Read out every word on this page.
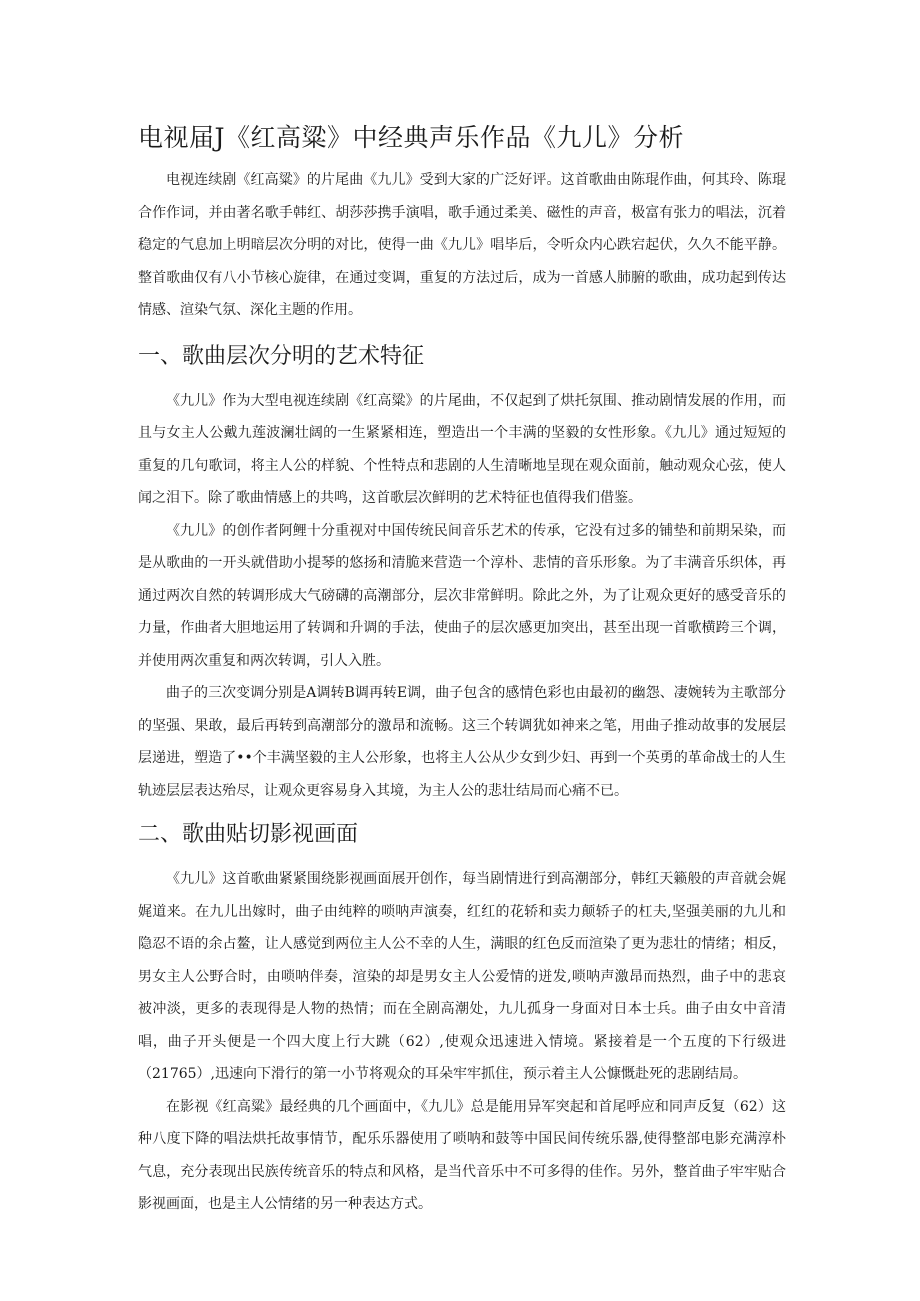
电视届J《红高粱》中经典声乐作品《九儿》分析

电视连续剧《红高粱》的片尾曲《九儿》受到大家的广泛好评。这首歌曲由陈琨作曲，何其玲、陈琨合作作词，并由著名歌手韩红、胡莎莎携手演唱，歌手通过柔美、磁性的声音，极富有张力的唱法，沉着稳定的气息加上明暗层次分明的对比，使得一曲《九儿》唱毕后，令听众内心跌宕起伏，久久不能平静。整首歌曲仅有八小节核心旋律，在通过变调，重复的方法过后，成为一首感人肺腑的歌曲，成功起到传达情感、渲染气氛、深化主题的作用。

一、歌曲层次分明的艺术特征

《九儿》作为大型电视连续剧《红高粱》的片尾曲，不仅起到了烘托氛围、推动剧情发展的作用，而且与女主人公戴九莲波澜壮阔的一生紧紧相连，塑造出一个丰满的坚毅的女性形象。《九儿》通过短短的重复的几句歌词，将主人公的样貌、个性特点和悲剧的人生清晰地呈现在观众面前，触动观众心弦，使人闻之泪下。除了歌曲情感上的共鸣，这首歌层次鲜明的艺术特征也值得我们借鉴。

《九儿》的创作者阿鲤十分重视对中国传统民间音乐艺术的传承，它没有过多的铺垫和前期呆染，而是从歌曲的一开头就借助小提琴的悠扬和清脆来营造一个淳朴、悲情的音乐形象。为了丰满音乐织体，再通过两次自然的转调形成大气磅礴的高潮部分，层次非常鲜明。除此之外，为了让观众更好的感受音乐的力量，作曲者大胆地运用了转调和升调的手法，使曲子的层次感更加突出，甚至出现一首歌横跨三个调，并使用两次重复和两次转调，引人入胜。

曲子的三次变调分别是A调转B调再转E调，曲子包含的感情色彩也由最初的幽怨、凄婉转为主歌部分的坚强、果敢，最后再转到高潮部分的激昂和流畅。这三个转调犹如神来之笔，用曲子推动故事的发展层层递进，塑造了••个丰满坚毅的主人公形象，也将主人公从少女到少妇、再到一个英勇的革命战士的人生轨迹层层表达殆尽，让观众更容易身入其境，为主人公的悲壮结局而心痛不已。

二、歌曲贴切影视画面

《九儿》这首歌曲紧紧围绕影视画面展开创作，每当剧情进行到高潮部分，韩红天籁般的声音就会娓娓道来。在九儿出嫁时，曲子由纯粹的唢呐声演奏，红红的花轿和卖力颠轿子的杠夫,坚强美丽的九儿和隐忍不语的余占鳌，让人感觉到两位主人公不幸的人生，满眼的红色反而渲染了更为悲壮的情绪；相反，男女主人公野合时，由唢呐伴奏，渲染的却是男女主人公爱情的迸发,唢呐声激昂而热烈，曲子中的悲哀被冲淡，更多的表现得是人物的热情；而在全剧高潮处，九儿孤身一身面对日本士兵。曲子由女中音清唱，曲子开头便是一个四大度上行大跳（62）,使观众迅速进入情境。紧接着是一个五度的下行级进（21765）,迅速向下滑行的第一小节将观众的耳朵牢牢抓住，预示着主人公慷慨赴死的悲剧结局。

在影视《红高粱》最经典的几个画面中，《九儿》总是能用异军突起和首尾呼应和同声反复（62）这种八度下降的唱法烘托故事情节，配乐乐器使用了唢呐和鼓等中国民间传统乐器,使得整部电影充满淳朴气息，充分表现出民族传统音乐的特点和风格，是当代音乐中不可多得的佳作。另外，整首曲子牢牢贴合影视画面，也是主人公情绪的另一种表达方式。
